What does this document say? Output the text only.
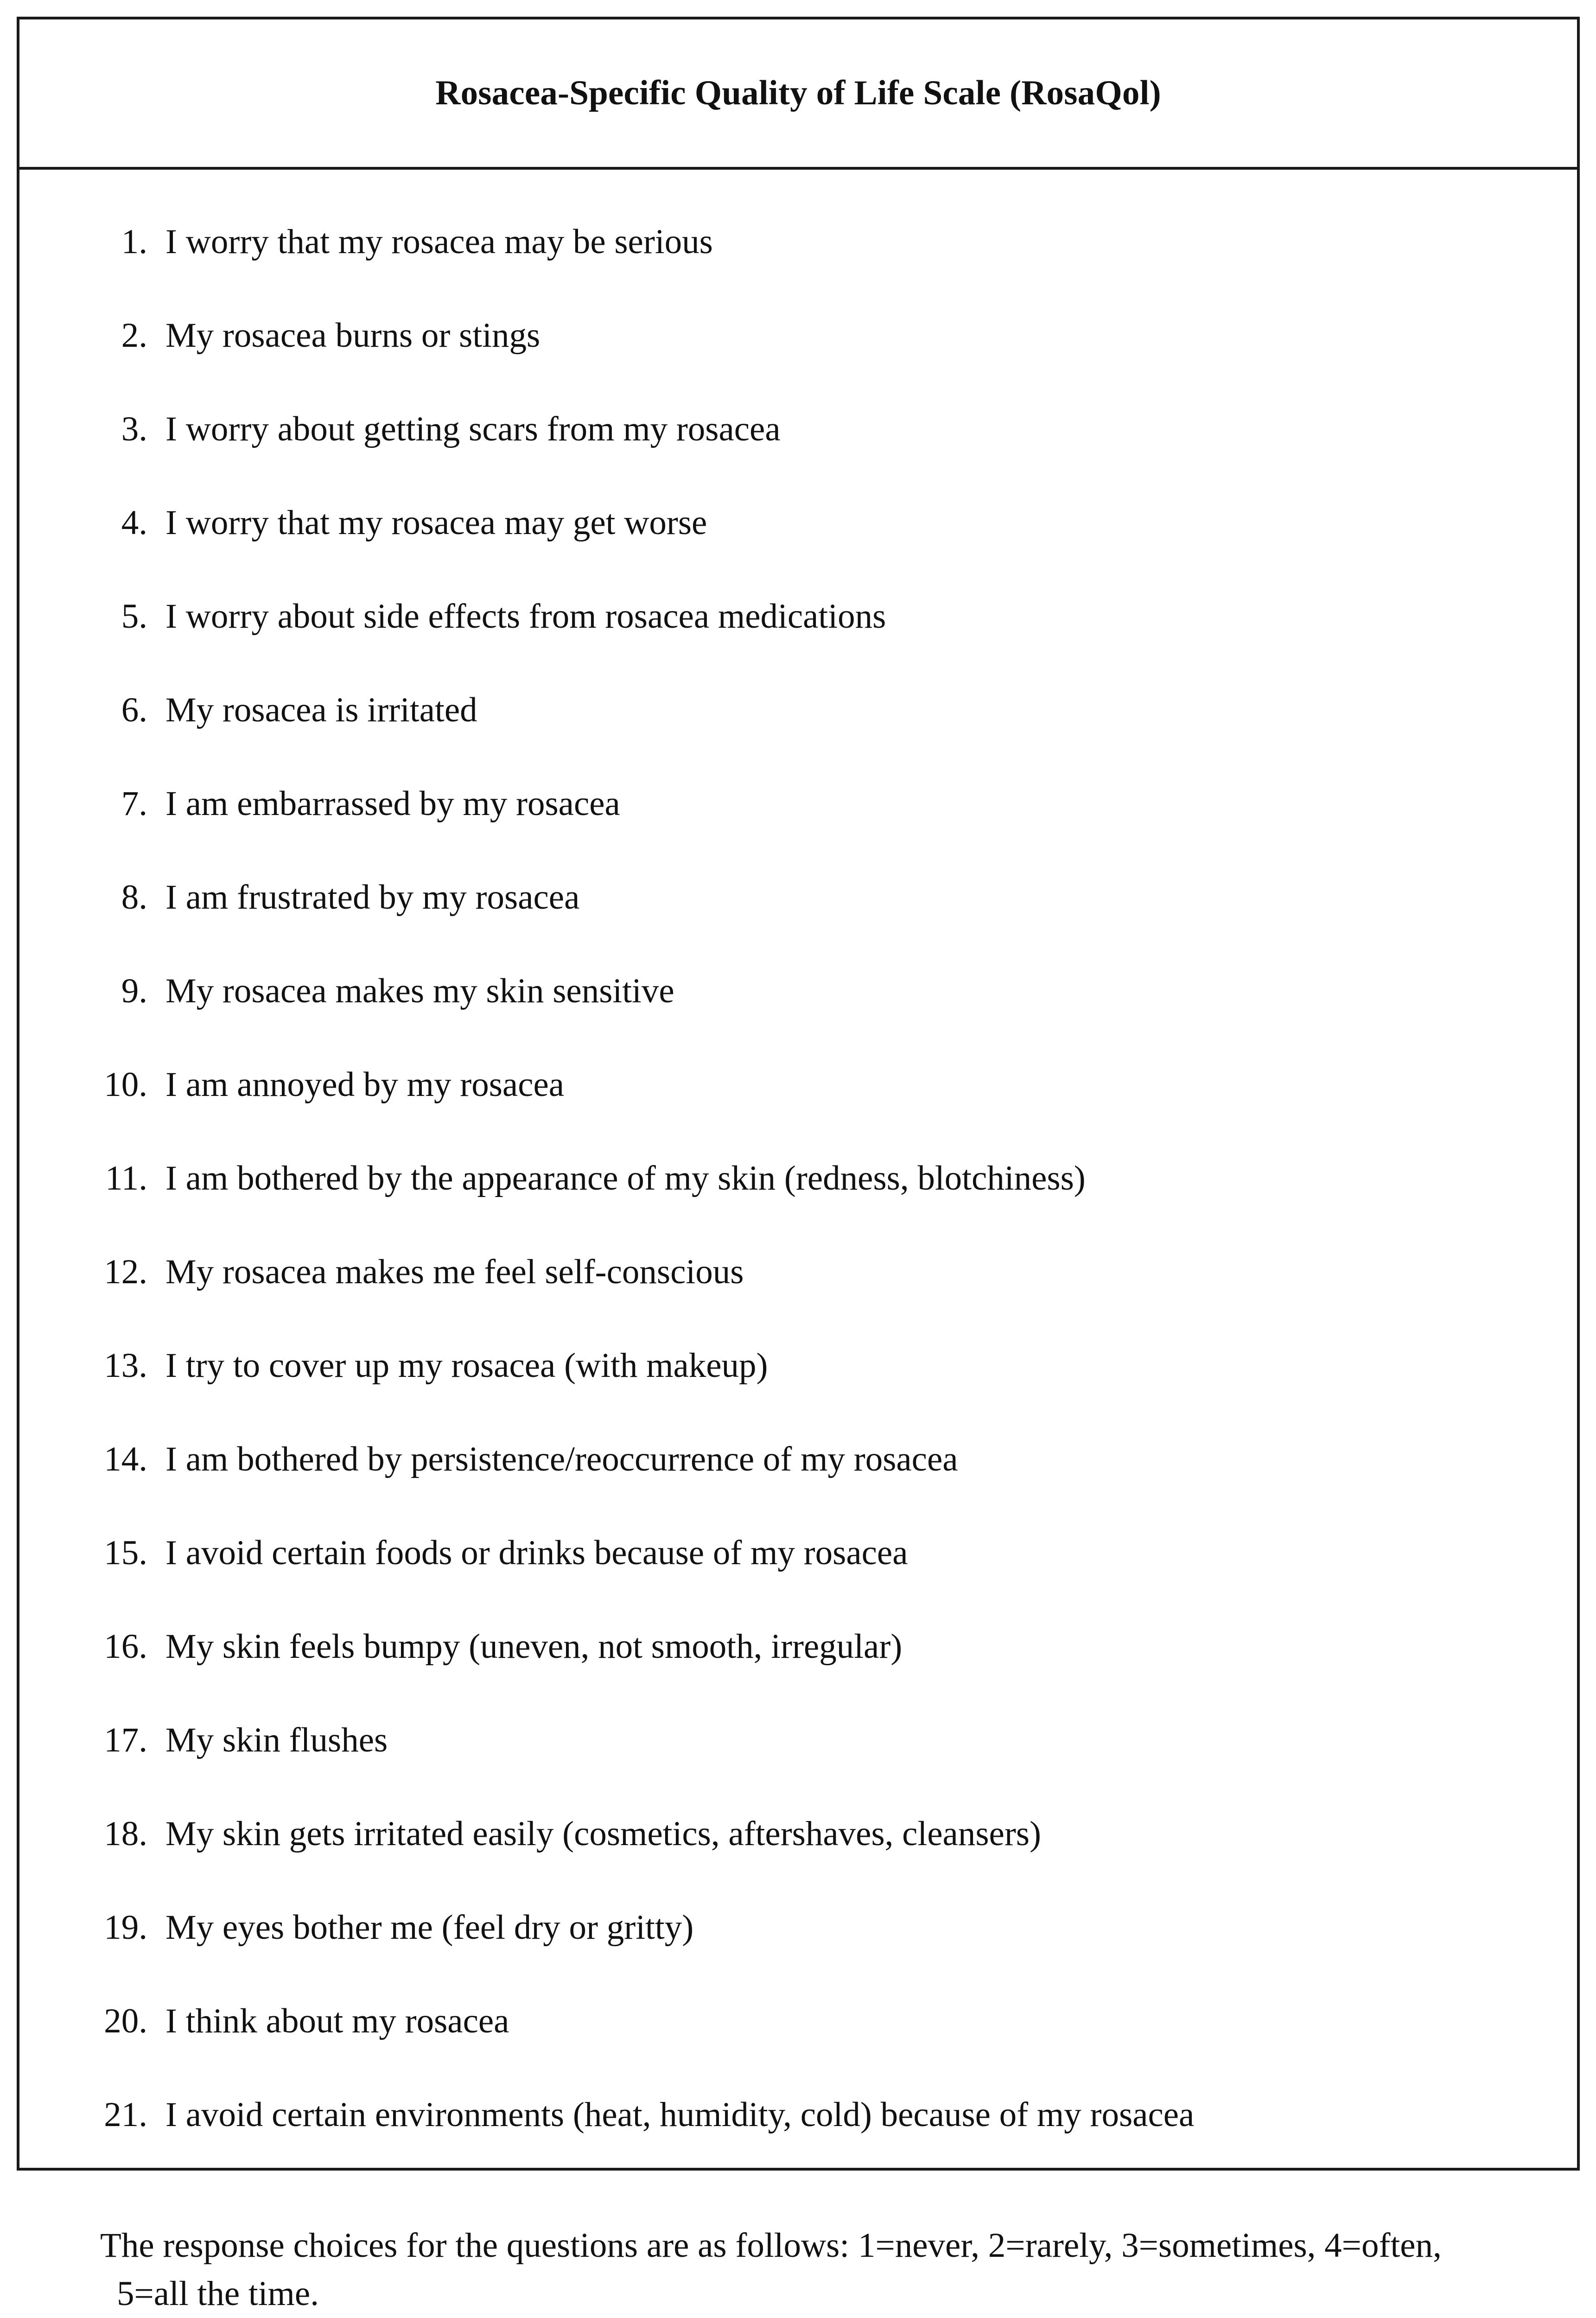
Rosacea-Specific Quality of Life Scale (RosaQol)
1. I worry that my rosacea may be serious
2. My rosacea burns or stings
3. I worry about getting scars from my rosacea
4. I worry that my rosacea may get worse
5. I worry about side effects from rosacea medications
6. My rosacea is irritated
7. I am embarrassed by my rosacea
8. I am frustrated by my rosacea
9. My rosacea makes my skin sensitive
10. I am annoyed by my rosacea
11. I am bothered by the appearance of my skin (redness, blotchiness)
12. My rosacea makes me feel self-conscious
13. I try to cover up my rosacea (with makeup)
14. I am bothered by persistence/reoccurrence of my rosacea
15. I avoid certain foods or drinks because of my rosacea
16. My skin feels bumpy (uneven, not smooth, irregular)
17. My skin flushes
18. My skin gets irritated easily (cosmetics, aftershaves, cleansers)
19. My eyes bother me (feel dry or gritty)
20. I think about my rosacea
21. I avoid certain environments (heat, humidity, cold) because of my rosacea
The response choices for the questions are as follows: 1=never, 2=rarely, 3=sometimes, 4=often,
5=all the time.
